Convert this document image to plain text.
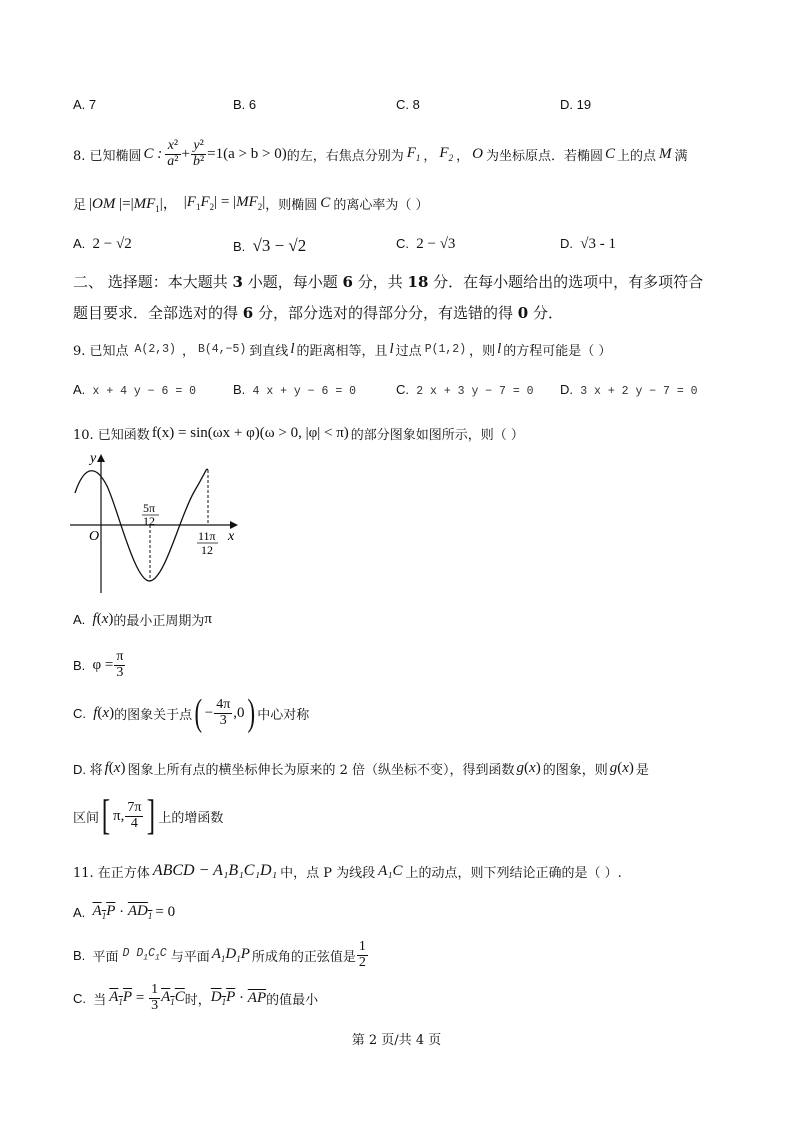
A. 7	B. 6	C. 8	D. 19
8. 已知椭圆 C : $\frac{\text{x²}}{\text{a²}} + \frac{\text{y²}}{\text{b²}} =1(a > b > 0)$ 的左，右焦点分别为 $F_1$ ， $F_2$ ， O 为坐标原点．若椭圆 C 上的点 M 满
足 |OM $|=|MF_1|$， $|F_1F_2| = |MF_2|$ ，则椭圆 C 的离心率为（ ）
A.  2 − √2	B.  √3 − √2	C.  2 − √3	D.  √3 - 1
二、 选择题：本大题共 3 小题，每小题 6 分，共 18 分．在每小题给出的选项中，有多项符合
题目要求．全部选对的得 6 分，部分选对的得部分分，有选错的得 0 分．
9. 已知点 A(2,3) ， B(4,−5) 到直线 l 的距离相等，且 l 过点 P(1,2) ，则 l 的方程可能是（ ）
A.  x + 4 y − 6 = 0	B.  4 x + y − 6 = 0	C.  2 x + 3 y − 7 = 0 D.  3 x + 2 y − 7 = 0
10. 已知函数 f(x) = sin(ωx + φ)(ω > 0, |φ| < π) 的部分图象如图所示，则（ ）
y
x
O
5π
12
11π
12
A. f(x) 的最小正周期为 π
B. $\varphi = \frac{\pi}{3}$
C. f(x) 的图象关于点 ( − $\frac{4\pi}{3} ,0$ ) 中心对称
D. 将 f(x) 图象上所有点的横坐标伸长为原来的 2 倍（纵坐标不变），得到函数 g(x) 的图象，则 g(x) 是
区间 [ π, $\frac{7\pi}{4}$ ] 上的增函数
11. 在正方体 ABCD − A₁B₁C₁D₁ 中，点 P 为线段 A₁C 上的动点，则下列结论正确的是（ ）.
A. $A_1P \cdot AD_1 = 0$
B. 平面 D $D_1C_1C$ 与平面 $A_1D_1P$ 所成角的正弦值是 $\frac{1}{2}$
C. 当 $A_1P = \frac{1}{3} A_1C$ 时， $D_1P \cdot \overline{AP}$ 的值最小
第 2 页/共 4 页
